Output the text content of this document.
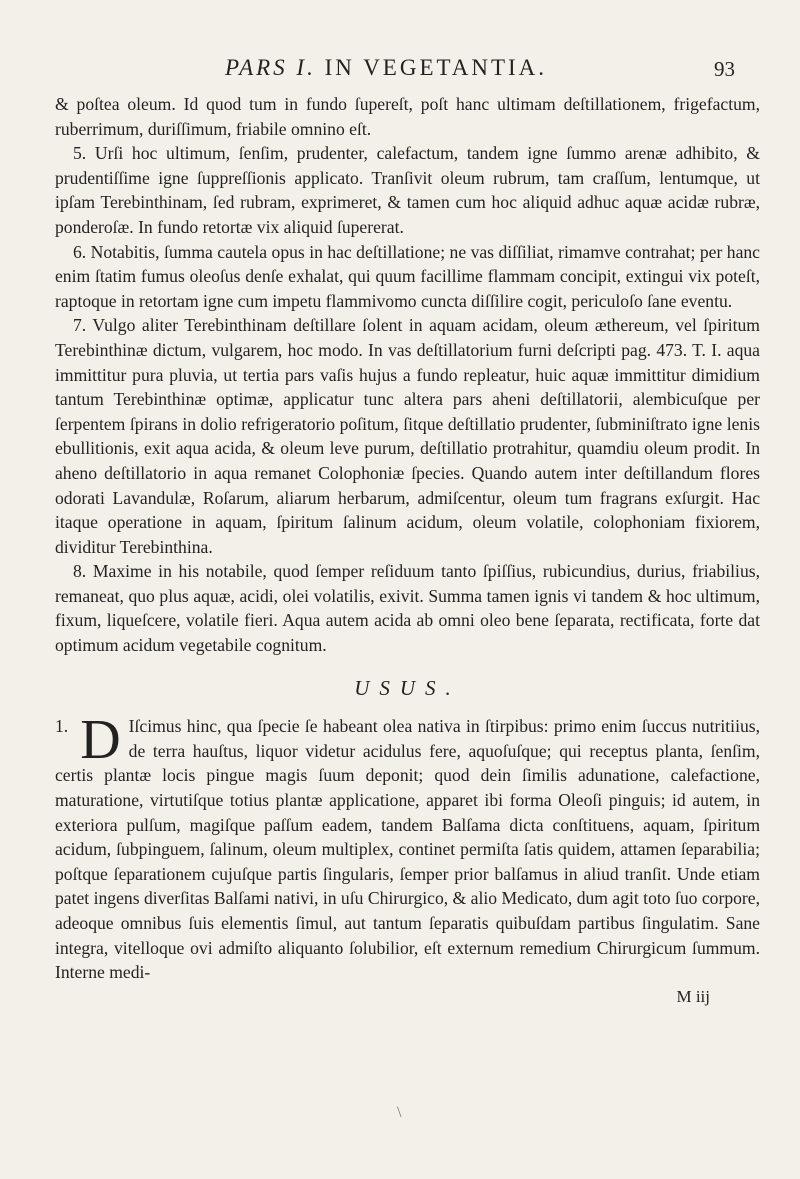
PARS I. IN VEGETANTIA.	93

& poſtea oleum. Id quod tum in fundo ſupereſt, poſt hanc ultimam deſtillationem, frigefactum, ruberrimum, duriſſimum, friabile omnino eſt.

5. Urſi hoc ultimum, ſenſim, prudenter, calefactum, tandem igne ſummo arenæ adhibito, & prudentiſſime igne ſuppreſſionis applicato. Tranſivit oleum rubrum, tam craſſum, lentumque, ut ipſam Terebinthinam, ſed rubram, exprimeret, & tamen cum hoc aliquid adhuc aquæ acidæ rubræ, ponderoſæ. In fundo retortæ vix aliquid ſupererat.

6. Notabitis, ſumma cautela opus in hac deſtillatione; ne vas diſſiliat, rimamve contrahat; per hanc enim ſtatim fumus oleoſus denſe exhalat, qui quum facillime flammam concipit, extingui vix poteſt, raptoque in retortam igne cum impetu flammivomo cuncta diſſilire cogit, periculoſo ſane eventu.

7. Vulgo aliter Terebinthinam deſtillare ſolent in aquam acidam, oleum æthereum, vel ſpiritum Terebinthinæ dictum, vulgarem, hoc modo. In vas deſtillatorium furni deſcripti pag. 473. T. I. aqua immittitur pura pluvia, ut tertia pars vaſis hujus a fundo repleatur, huic aquæ immittitur dimidium tantum Terebinthinæ optimæ, applicatur tunc altera pars aheni deſtillatorii, alembicuſque per ſerpentem ſpirans in dolio refrigeratorio poſitum, ſitque deſtillatio prudenter, ſubminiſtrato igne lenis ebullitionis, exit aqua acida, & oleum leve purum, deſtillatio protrahitur, quamdiu oleum prodit. In aheno deſtillatorio in aqua remanet Colophoniæ ſpecies. Quando autem inter deſtillandum flores odorati Lavandulæ, Roſarum, aliarum herbarum, admiſcentur, oleum tum fragrans exſurgit. Hac itaque operatione in aquam, ſpiritum ſalinum acidum, oleum volatile, colophoniam fixiorem, dividitur Terebinthina.

8. Maxime in his notabile, quod ſemper reſiduum tanto ſpiſſius, rubicundius, durius, friabilius, remaneat, quo plus aquæ, acidi, olei volatilis, exivit. Summa tamen ignis vi tandem & hoc ultimum, fixum, liqueſcere, volatile fieri. Aqua autem acida ab omni oleo bene ſeparata, rectificata, forte dat optimum acidum vegetabile cognitum.

USUS.

1. D Iſcimus hinc, qua ſpecie ſe habeant olea nativa in ſtirpibus: primo enim ſuccus nutritiius, de terra hauſtus, liquor videtur acidulus fere, aquoſuſque; qui receptus planta, ſenſim, certis plantæ locis pingue magis ſuum deponit; quod dein ſimilis adunatione, calefactione, maturatione, virtutiſque totius plantæ applicatione, apparet ibi forma Oleoſi pinguis; id autem, in exteriora pulſum, magiſque paſſum eadem, tandem Balſama dicta conſtituens, aquam, ſpiritum acidum, ſubpinguem, ſalinum, oleum multiplex, continet permiſta ſatis quidem, attamen ſeparabilia; poſtque ſeparationem cujuſque partis ſingularis, ſemper prior balſamus in aliud tranſit. Unde etiam patet ingens diverſitas Balſami nativi, in uſu Chirurgico, & alio Medicato, dum agit toto ſuo corpore, adeoque omnibus ſuis elementis ſimul, aut tantum ſeparatis quibuſdam partibus ſingulatim. Sane integra, vitelloque ovi admiſto aliquanto ſolubilior, eſt externum remedium Chirurgicum ſummum. Interne medi-

M iij
\
